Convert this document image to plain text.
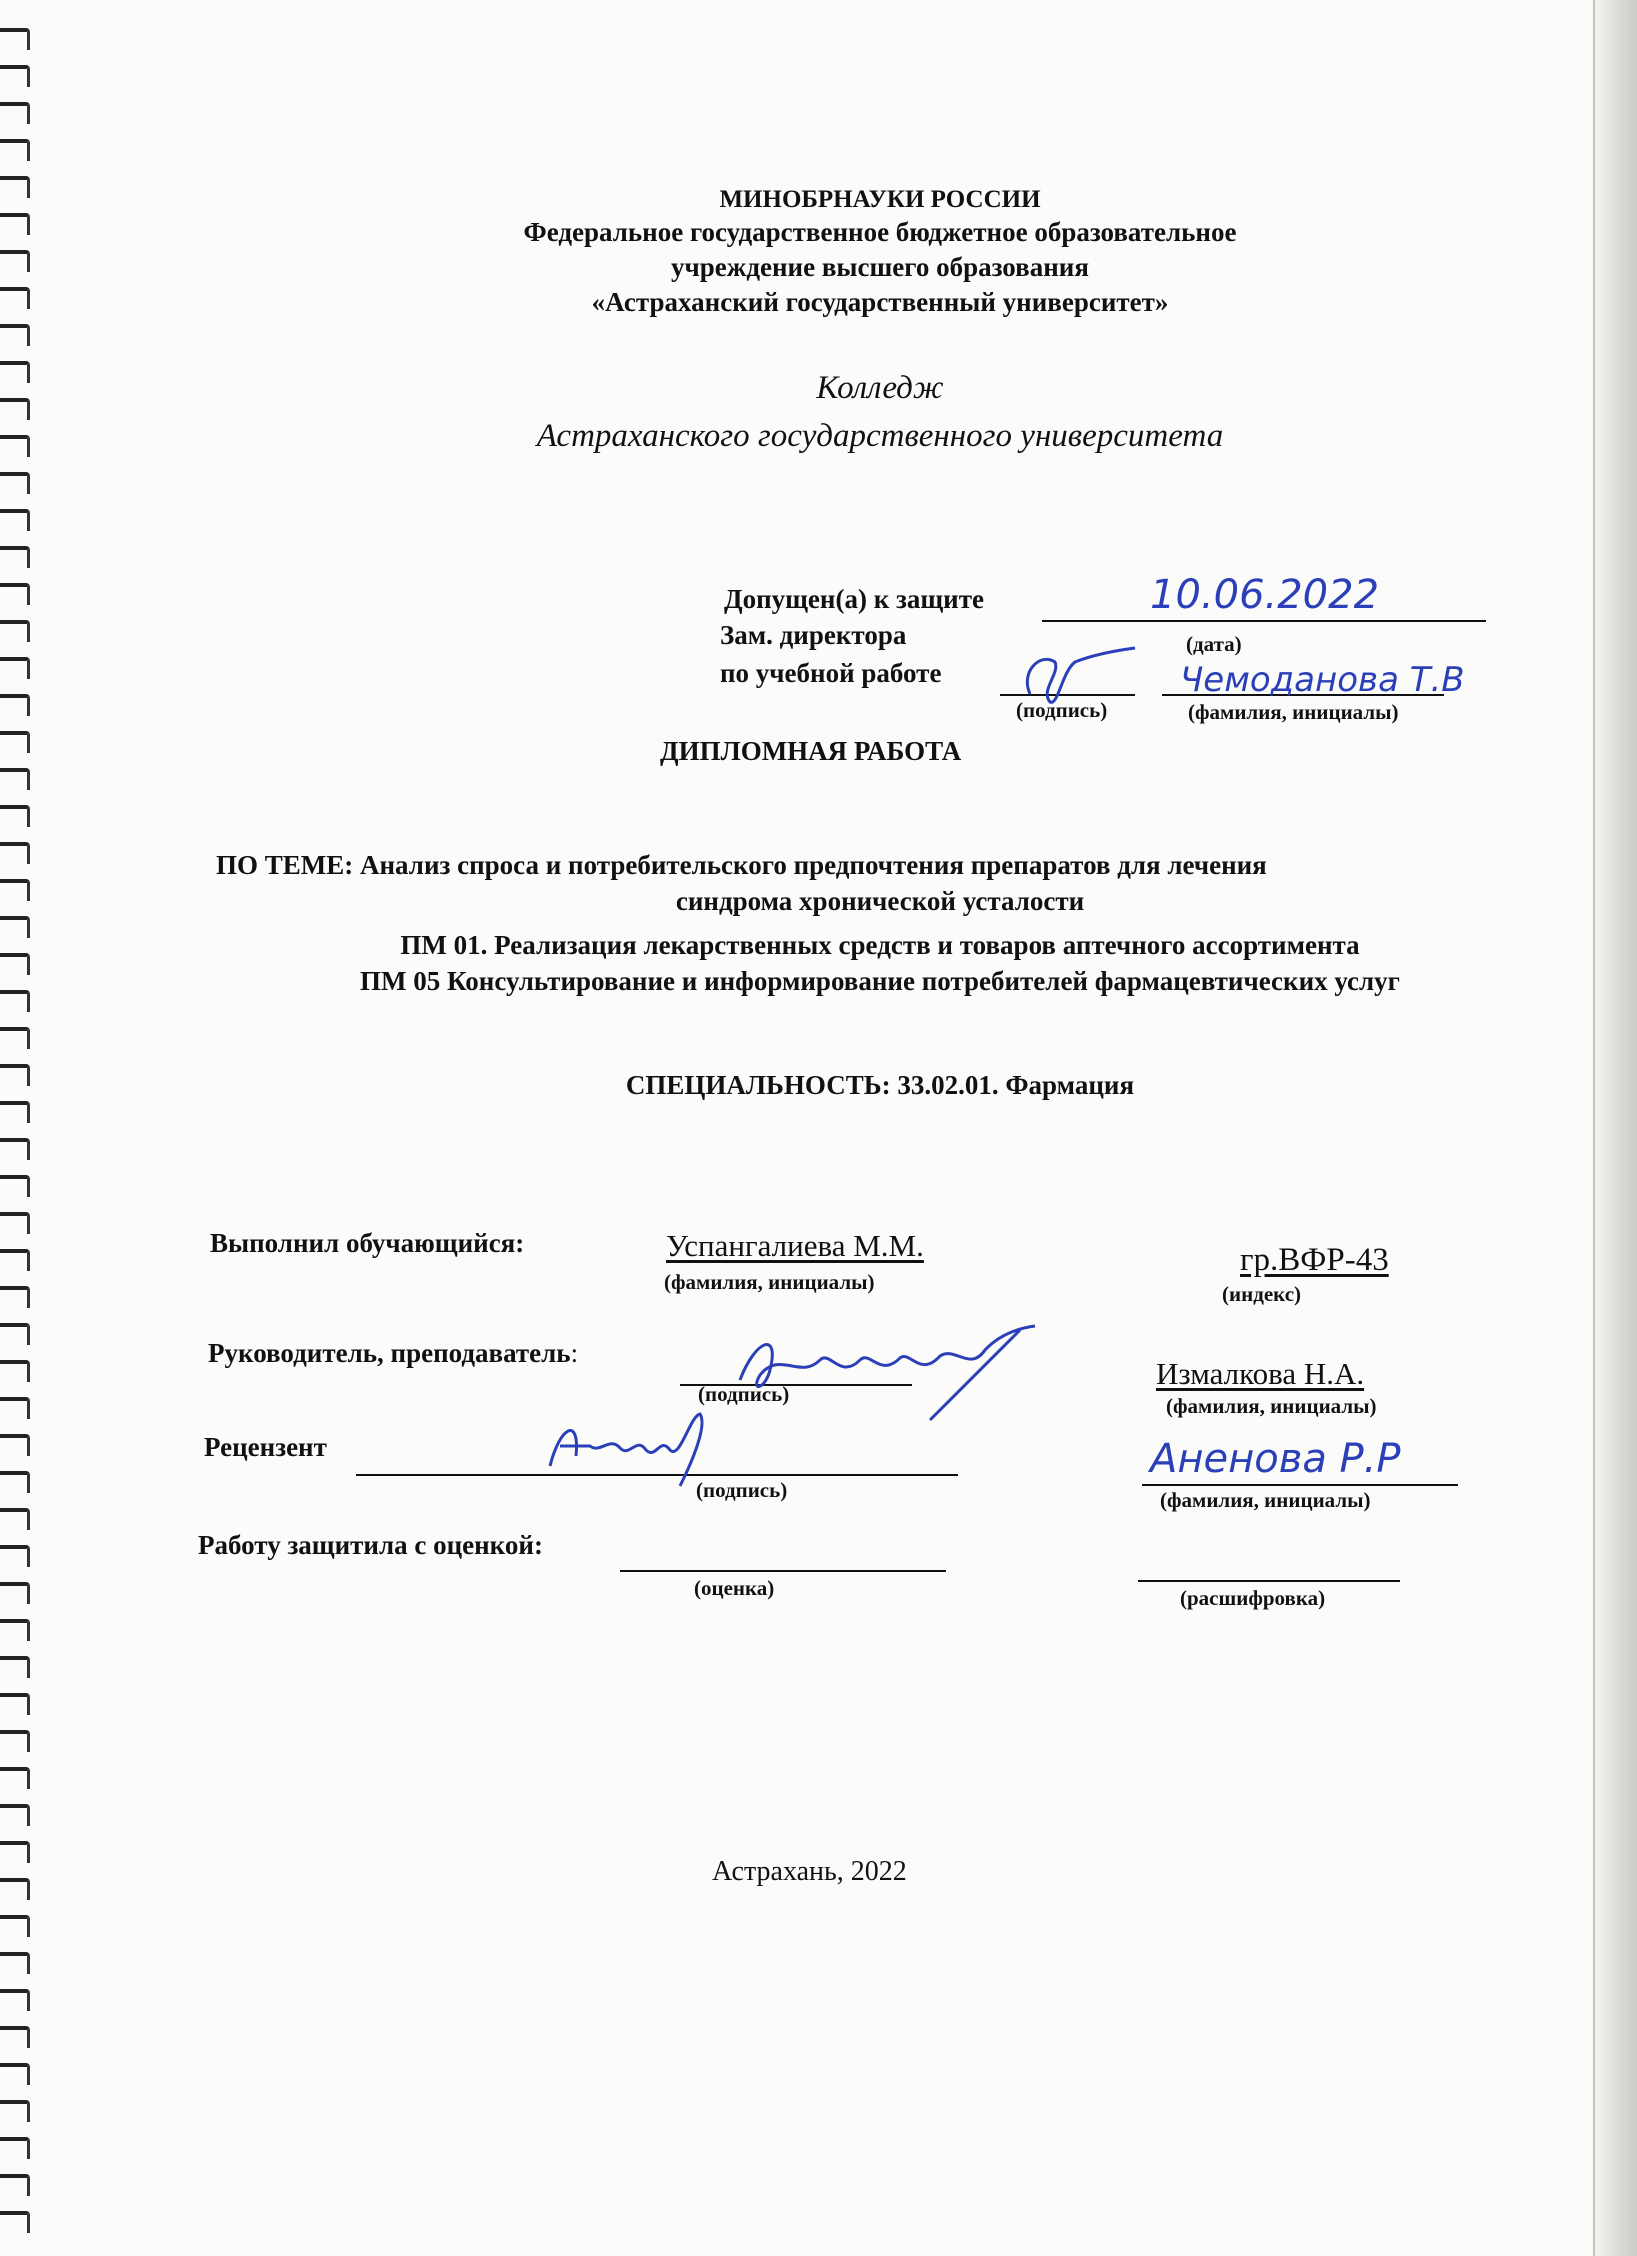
МИНОБРНАУКИ РОССИИ
Федеральное государственное бюджетное образовательное
учреждение высшего образования
«Астраханский государственный университет»
Колледж
Астраханского государственного университета
Допущен(а) к защите	10.06.2022
(дата)
Зам. директора
по учебной работе
(подпись)
Чемоданова Т.В
(фамилия, инициалы)
ДИПЛОМНАЯ РАБОТА
ПО ТЕМЕ: Анализ спроса и потребительского предпочтения препаратов для лечения
синдрома хронической усталости
ПМ 01. Реализация лекарственных средств и товаров аптечного ассортимента
ПМ 05 Консультирование и информирование потребителей фармацевтических услуг
СПЕЦИАЛЬНОСТЬ: 33.02.01. Фармация
Выполнил обучающийся:	Успангалиева М.М.
(фамилия, инициалы)
гр.ВФР-43
(индекс)
Руководитель, преподаватель:
(подпись)
Измалкова Н.А.
(фамилия, инициалы)
Рецензент
(подпись)
Аненова Р.Р
(фамилия, инициалы)
Работу защитила с оценкой:
(оценка)	(расшифровка)
Астрахань, 2022
